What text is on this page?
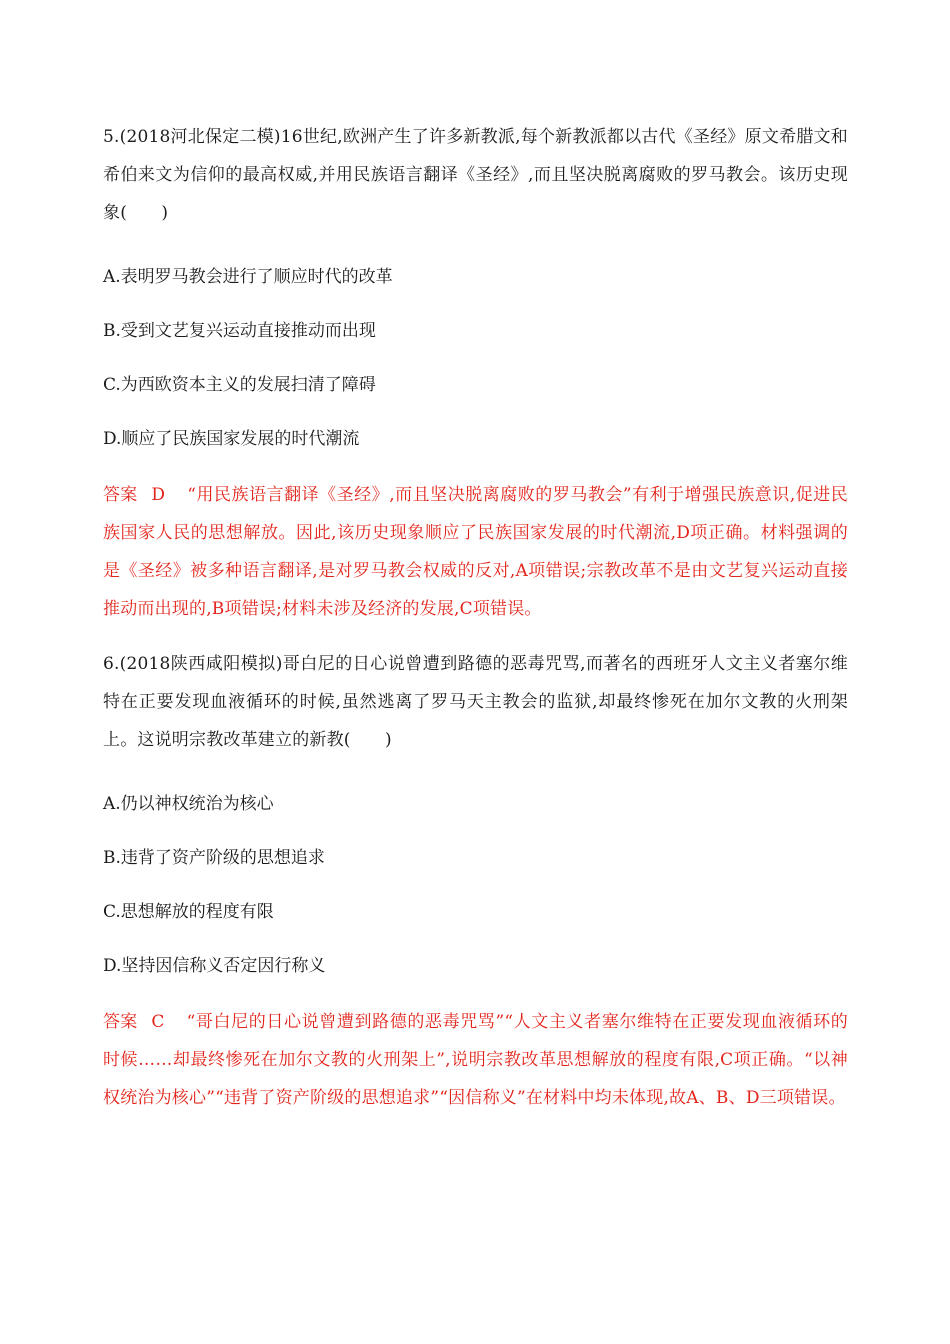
5.(2018河北保定二模)16世纪,欧洲产生了许多新教派,每个新教派都以古代《圣经》原文希腊文和希伯来文为信仰的最高权威,并用民族语言翻译《圣经》,而且坚决脱离腐败的罗马教会。该历史现象(　　)

A.表明罗马教会进行了顺应时代的改革

B.受到文艺复兴运动直接推动而出现

C.为西欧资本主义的发展扫清了障碍

D.顺应了民族国家发展的时代潮流

答案 D “用民族语言翻译《圣经》,而且坚决脱离腐败的罗马教会”有利于增强民族意识,促进民族国家人民的思想解放。因此,该历史现象顺应了民族国家发展的时代潮流,D项正确。材料强调的是《圣经》被多种语言翻译,是对罗马教会权威的反对,A项错误;宗教改革不是由文艺复兴运动直接推动而出现的,B项错误;材料未涉及经济的发展,C项错误。

6.(2018陕西咸阳模拟)哥白尼的日心说曾遭到路德的恶毒咒骂,而著名的西班牙人文主义者塞尔维特在正要发现血液循环的时候,虽然逃离了罗马天主教会的监狱,却最终惨死在加尔文教的火刑架上。这说明宗教改革建立的新教(　　)

A.仍以神权统治为核心

B.违背了资产阶级的思想追求

C.思想解放的程度有限

D.坚持因信称义否定因行称义

答案 C “哥白尼的日心说曾遭到路德的恶毒咒骂”“人文主义者塞尔维特在正要发现血液循环的时候……却最终惨死在加尔文教的火刑架上”,说明宗教改革思想解放的程度有限,C项正确。“以神权统治为核心”“违背了资产阶级的思想追求”“因信称义”在材料中均未体现,故A、B、D三项错误。
